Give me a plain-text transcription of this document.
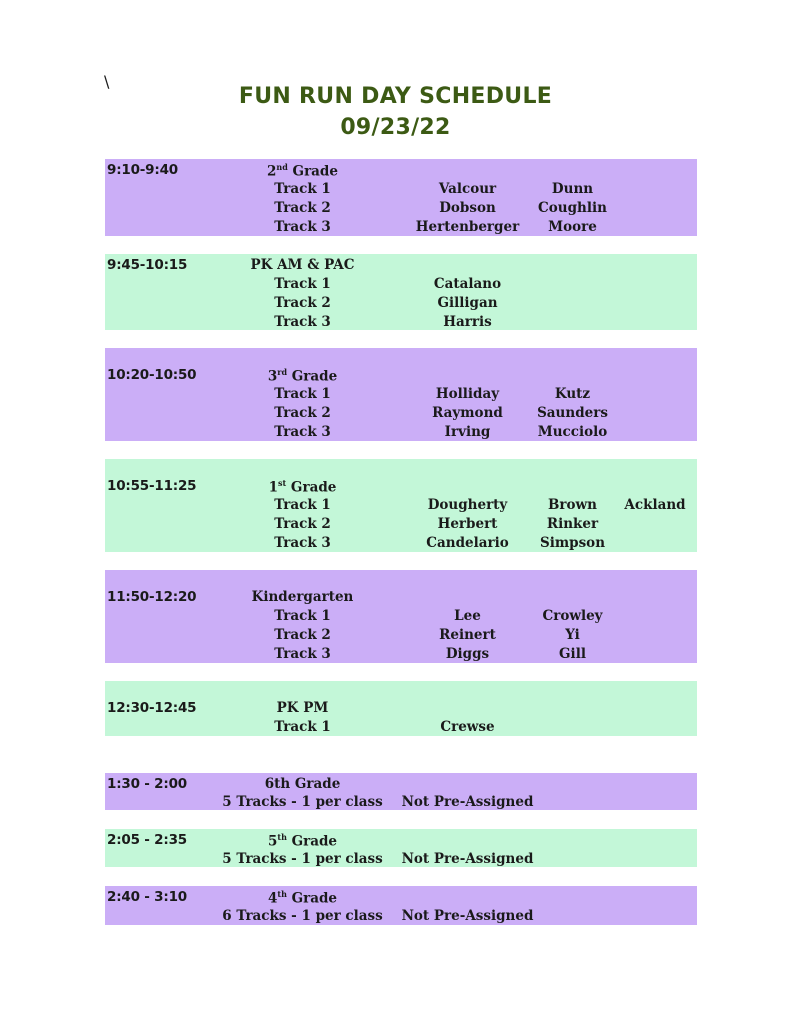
\
FUN RUN DAY SCHEDULE
09/23/22
9:10-9:40	2nd Grade
Track 1	Valcour	Dunn
Track 2	Dobson	Coughlin
Track 3	Hertenberger	Moore
9:45-10:15	PK AM & PAC
Track 1	Catalano
Track 2	Gilligan
Track 3	Harris
10:20-10:50	3rd Grade
Track 1	Holliday	Kutz
Track 2	Raymond	Saunders
Track 3	Irving	Mucciolo
10:55-11:25	1st Grade
Track 1	Dougherty	Brown	Ackland
Track 2	Herbert	Rinker
Track 3	Candelario	Simpson
11:50-12:20	Kindergarten
Track 1	Lee	Crowley
Track 2	Reinert	Yi
Track 3	Diggs	Gill
12:30-12:45	PK PM
Track 1	Crewse
1:30 - 2:00	6th Grade
5 Tracks - 1 per class	Not Pre-Assigned
2:05 - 2:35	5th Grade
5 Tracks - 1 per class	Not Pre-Assigned
2:40 - 3:10	4th Grade
6 Tracks - 1 per class	Not Pre-Assigned
